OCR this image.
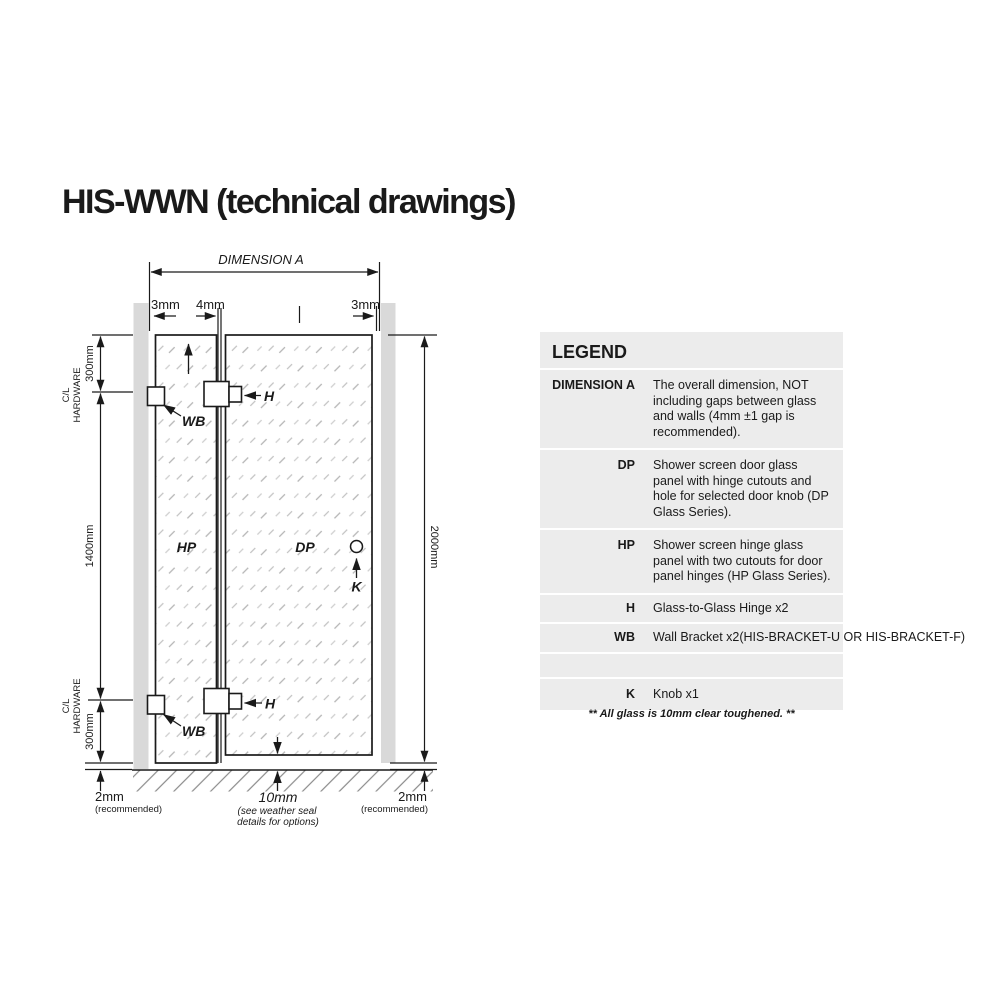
HIS-WWN (technical drawings)
DIMENSION A
3mm 4mm	3mm
H
H
WB
WB
HP	DP
K
300mm
C/L HARDWARE
1400mm
C/L HARDWARE 300mm
2000mm
2mm
(recommended)
10mm
(see weather seal
details for options)
2mm
(recommended)
LEGEND
DIMENSION A The overall dimension, NOT including gaps between glass and walls (4mm ±1 gap is recommended).
DP Shower screen door glass panel with hinge cutouts and hole for selected door knob (DP Glass Series).
HP Shower screen hinge glass panel with two cutouts for door panel hinges (HP Glass Series).
H Glass-to-Glass Hinge x2
WB Wall Bracket x2(HIS-BRACKET-U OR HIS-BRACKET-F)
K Knob x1
** All glass is 10mm clear toughened. **
